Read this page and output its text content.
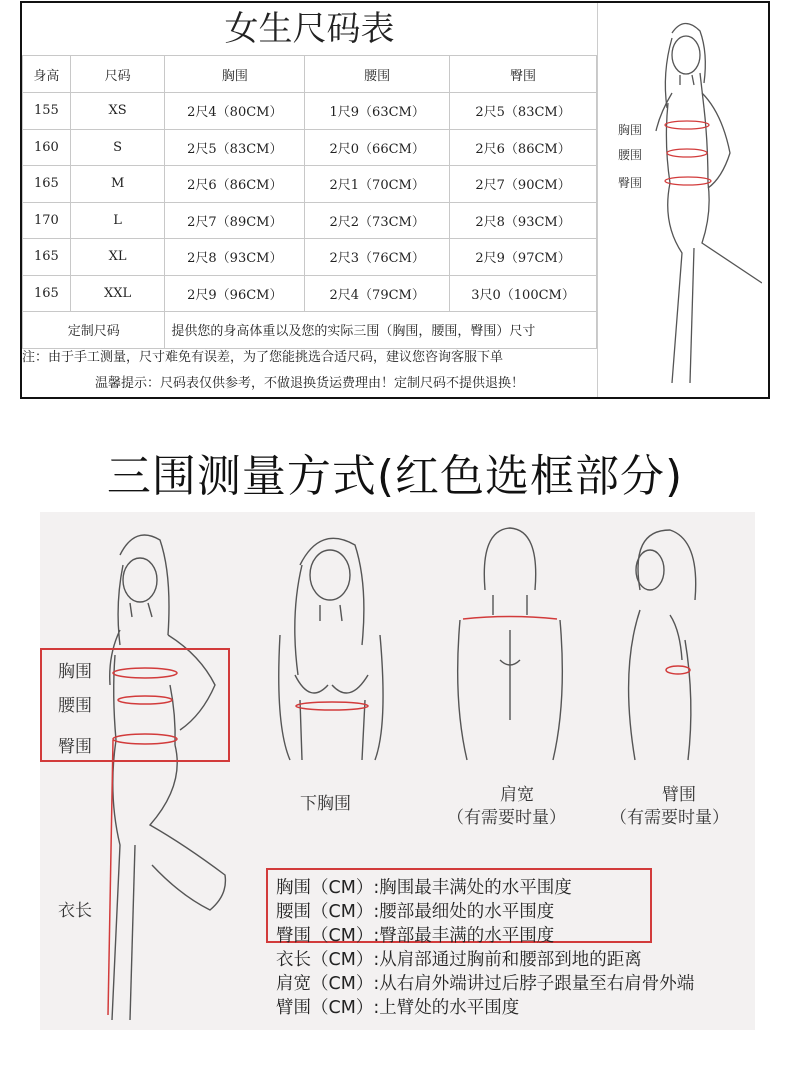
女生尺码表
身高	尺码	胸围	腰围	臀围
155	XS	2尺4（80CM）	1尺9（63CM）	2尺5（83CM）
160	S	2尺5（83CM）	2尺0（66CM）	2尺6（86CM）
165	M	2尺6（86CM）	2尺1（70CM）	2尺7（90CM）
170	L	2尺7（89CM）	2尺2（73CM）	2尺8（93CM）
165	XL	2尺8（93CM）	2尺3（76CM）	2尺9（97CM）
165	XXL	2尺9（96CM）	2尺4（79CM）	3尺0（100CM）
定制尺码		提供您的身高体重以及您的实际三围（胸围，腰围，臀围）尺寸		
注：由于手工测量，尺寸难免有误差，为了您能挑选合适尺码，建议您咨询客服下单
温馨提示：尺码表仅供参考，不做退换货运费理由！定制尺码不提供退换！
胸围
腰围
臀围
三围测量方式(红色选框部分)
胸围
腰围
臀围
衣长
下胸围	肩宽
（有需要时量）
臂围
（有需要时量）
胸围（CM）:胸围最丰满处的水平围度
腰围（CM）:腰部最细处的水平围度
臀围（CM）:臀部最丰满的水平围度
衣长（CM）:从肩部通过胸前和腰部到地的距离
肩宽（CM）:从右肩外端讲过后脖子跟量至右肩骨外端
臂围（CM）:上臂处的水平围度
